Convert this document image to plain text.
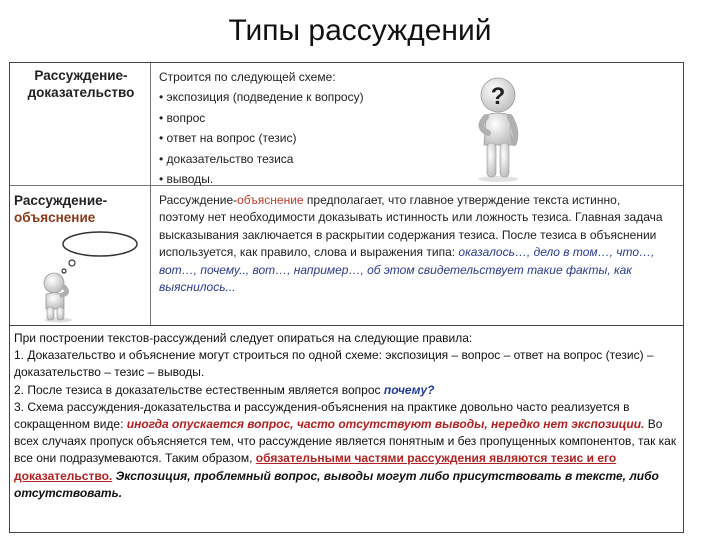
Типы рассуждений
Рассуждение-
доказательство
Строится по следующей схеме:
• экспозиция (подведение к вопросу)
• вопрос
• ответ на вопрос (тезис)
• доказательство тезиса
• выводы.
?
Рассуждение-
объяснение
Рассуждение-объяснение предполагает, что главное утверждение текста истинно, поэтому нет необходимости доказывать истинность или ложность тезиса. Главная задача высказывания заключается в раскрытии содержания тезиса. После тезиса в объяснении используется, как правило, слова и выражения типа: оказалось…, дело в том…, что…, вот…, почему.., вот…, например…, об этом свидетельствует такие факты, как выяснилось...
При построении текстов-рассуждений следует опираться на следующие правила:
1. Доказательство и объяснение могут строиться по одной схеме: экспозиция – вопрос – ответ на вопрос (тезис) – доказательство – тезис – выводы.
2. После тезиса в доказательстве естественным является вопрос почему?
3. Схема рассуждения-доказательства и рассуждения-объяснения на практике довольно часто реализуется в сокращенном виде: иногда опускается вопрос, часто отсутствуют выводы, нередко нет экспозиции. Во всех случаях пропуск объясняется тем, что рассуждение является понятным и без пропущенных компонентов, так как все они подразумеваются. Таким образом, обязательными частями рассуждения являются тезис и его доказательство. Экспозиция, проблемный вопрос, выводы могут либо присутствовать в тексте, либо отсутствовать.
